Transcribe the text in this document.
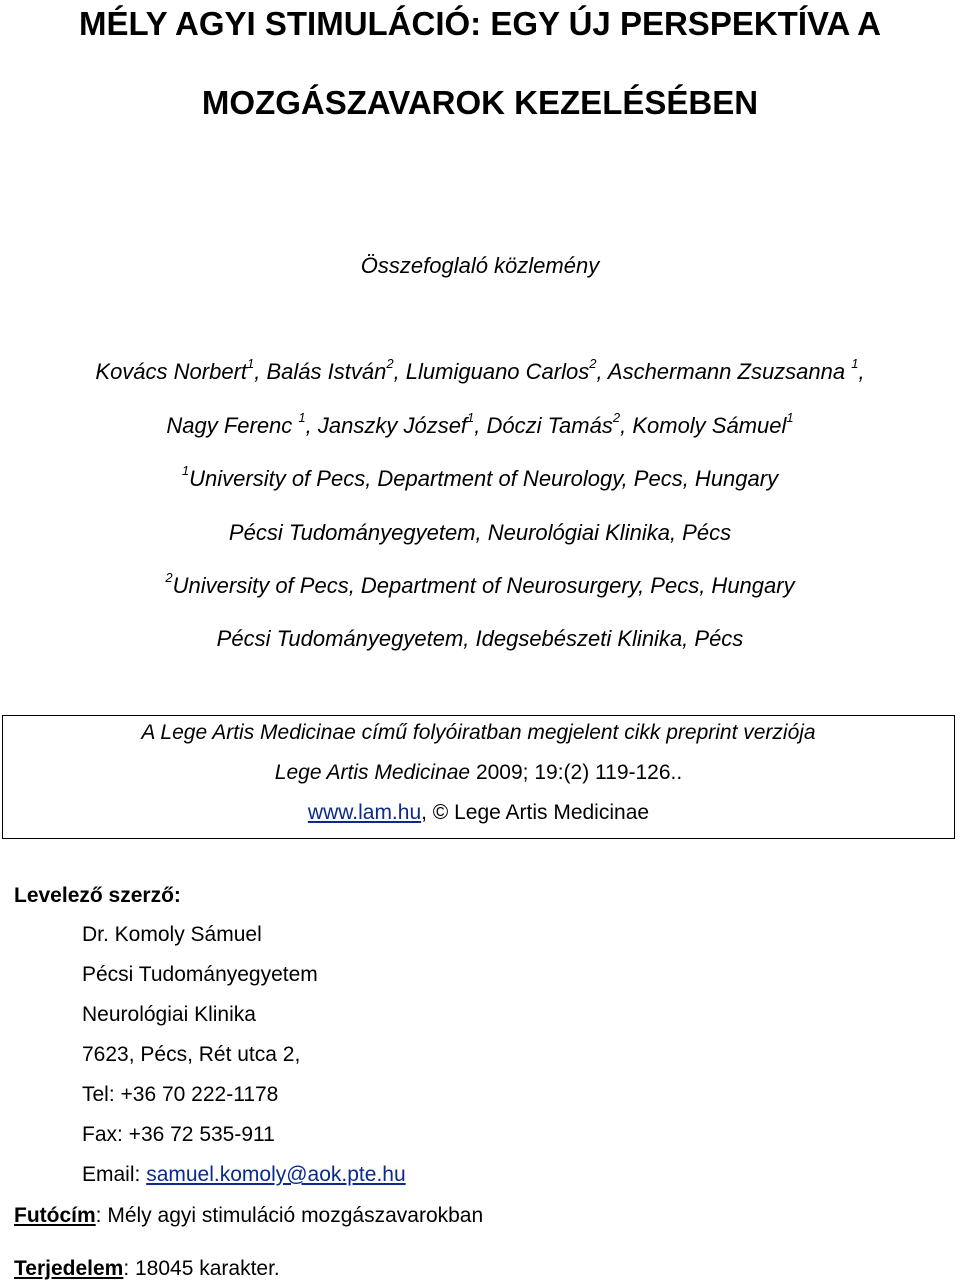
MÉLY AGYI STIMULÁCIÓ: EGY ÚJ PERSPEKTÍVA A
MOZGÁSZAVAROK KEZELÉSÉBEN
Összefoglaló közlemény
Kovács Norbert$^1$, Balás István$^2$, Llumiguano Carlos$^2$, Aschermann Zsuzsanna $^1$,
Nagy Ferenc $^1$, Janszky József$^1$, Dóczi Tamás$^2$, Komoly Sámuel$^1$
$^1$University of Pecs, Department of Neurology, Pecs, Hungary
Pécsi Tudományegyetem, Neurológiai Klinika, Pécs
$^2$University of Pecs, Department of Neurosurgery, Pecs, Hungary
Pécsi Tudományegyetem, Idegsebészeti Klinika, Pécs
A Lege Artis Medicinae című folyóiratban megjelent cikk preprint verziója
Lege Artis Medicinae 2009; 19:(2) 119-126..
www.lam.hu, © Lege Artis Medicinae
Levelező szerző:
Dr. Komoly Sámuel
Pécsi Tudományegyetem
Neurológiai Klinika
7623, Pécs, Rét utca 2,
Tel: +36 70 222-1178
Fax: +36 72 535-911
Email: samuel.komoly@aok.pte.hu
Futócím: Mély agyi stimuláció mozgászavarokban
Terjedelem: 18045 karakter.
